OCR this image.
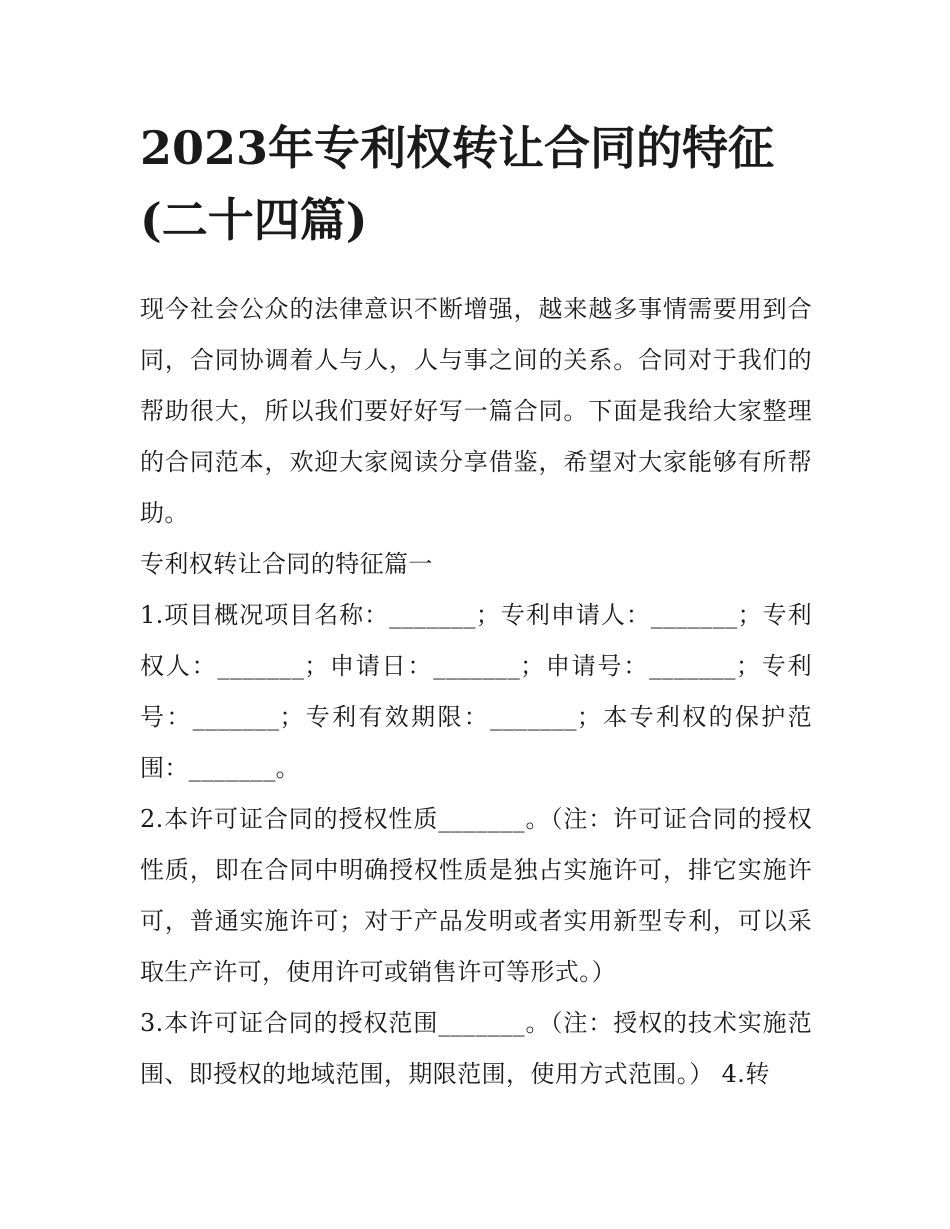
2023年专利权转让合同的特征(二十四篇)

现今社会公众的法律意识不断增强，越来越多事情需要用到合同，合同协调着人与人，人与事之间的关系。合同对于我们的帮助很大，所以我们要好好写一篇合同。下面是我给大家整理的合同范本，欢迎大家阅读分享借鉴，希望对大家能够有所帮助。

专利权转让合同的特征篇一

1.项目概况项目名称：_______；专利申请人：_______；专利权人：_______；申请日：_______；申请号：_______；专利号：_______；专利有效期限：_______；本专利权的保护范围：_______。

2.本许可证合同的授权性质_______。（注：许可证合同的授权性质，即在合同中明确授权性质是独占实施许可，排它实施许可，普通实施许可；对于产品发明或者实用新型专利，可以采取生产许可，使用许可或销售许可等形式。）

3.本许可证合同的授权范围_______。（注：授权的技术实施范围、即授权的地域范围，期限范围，使用方式范围。） 4.转
